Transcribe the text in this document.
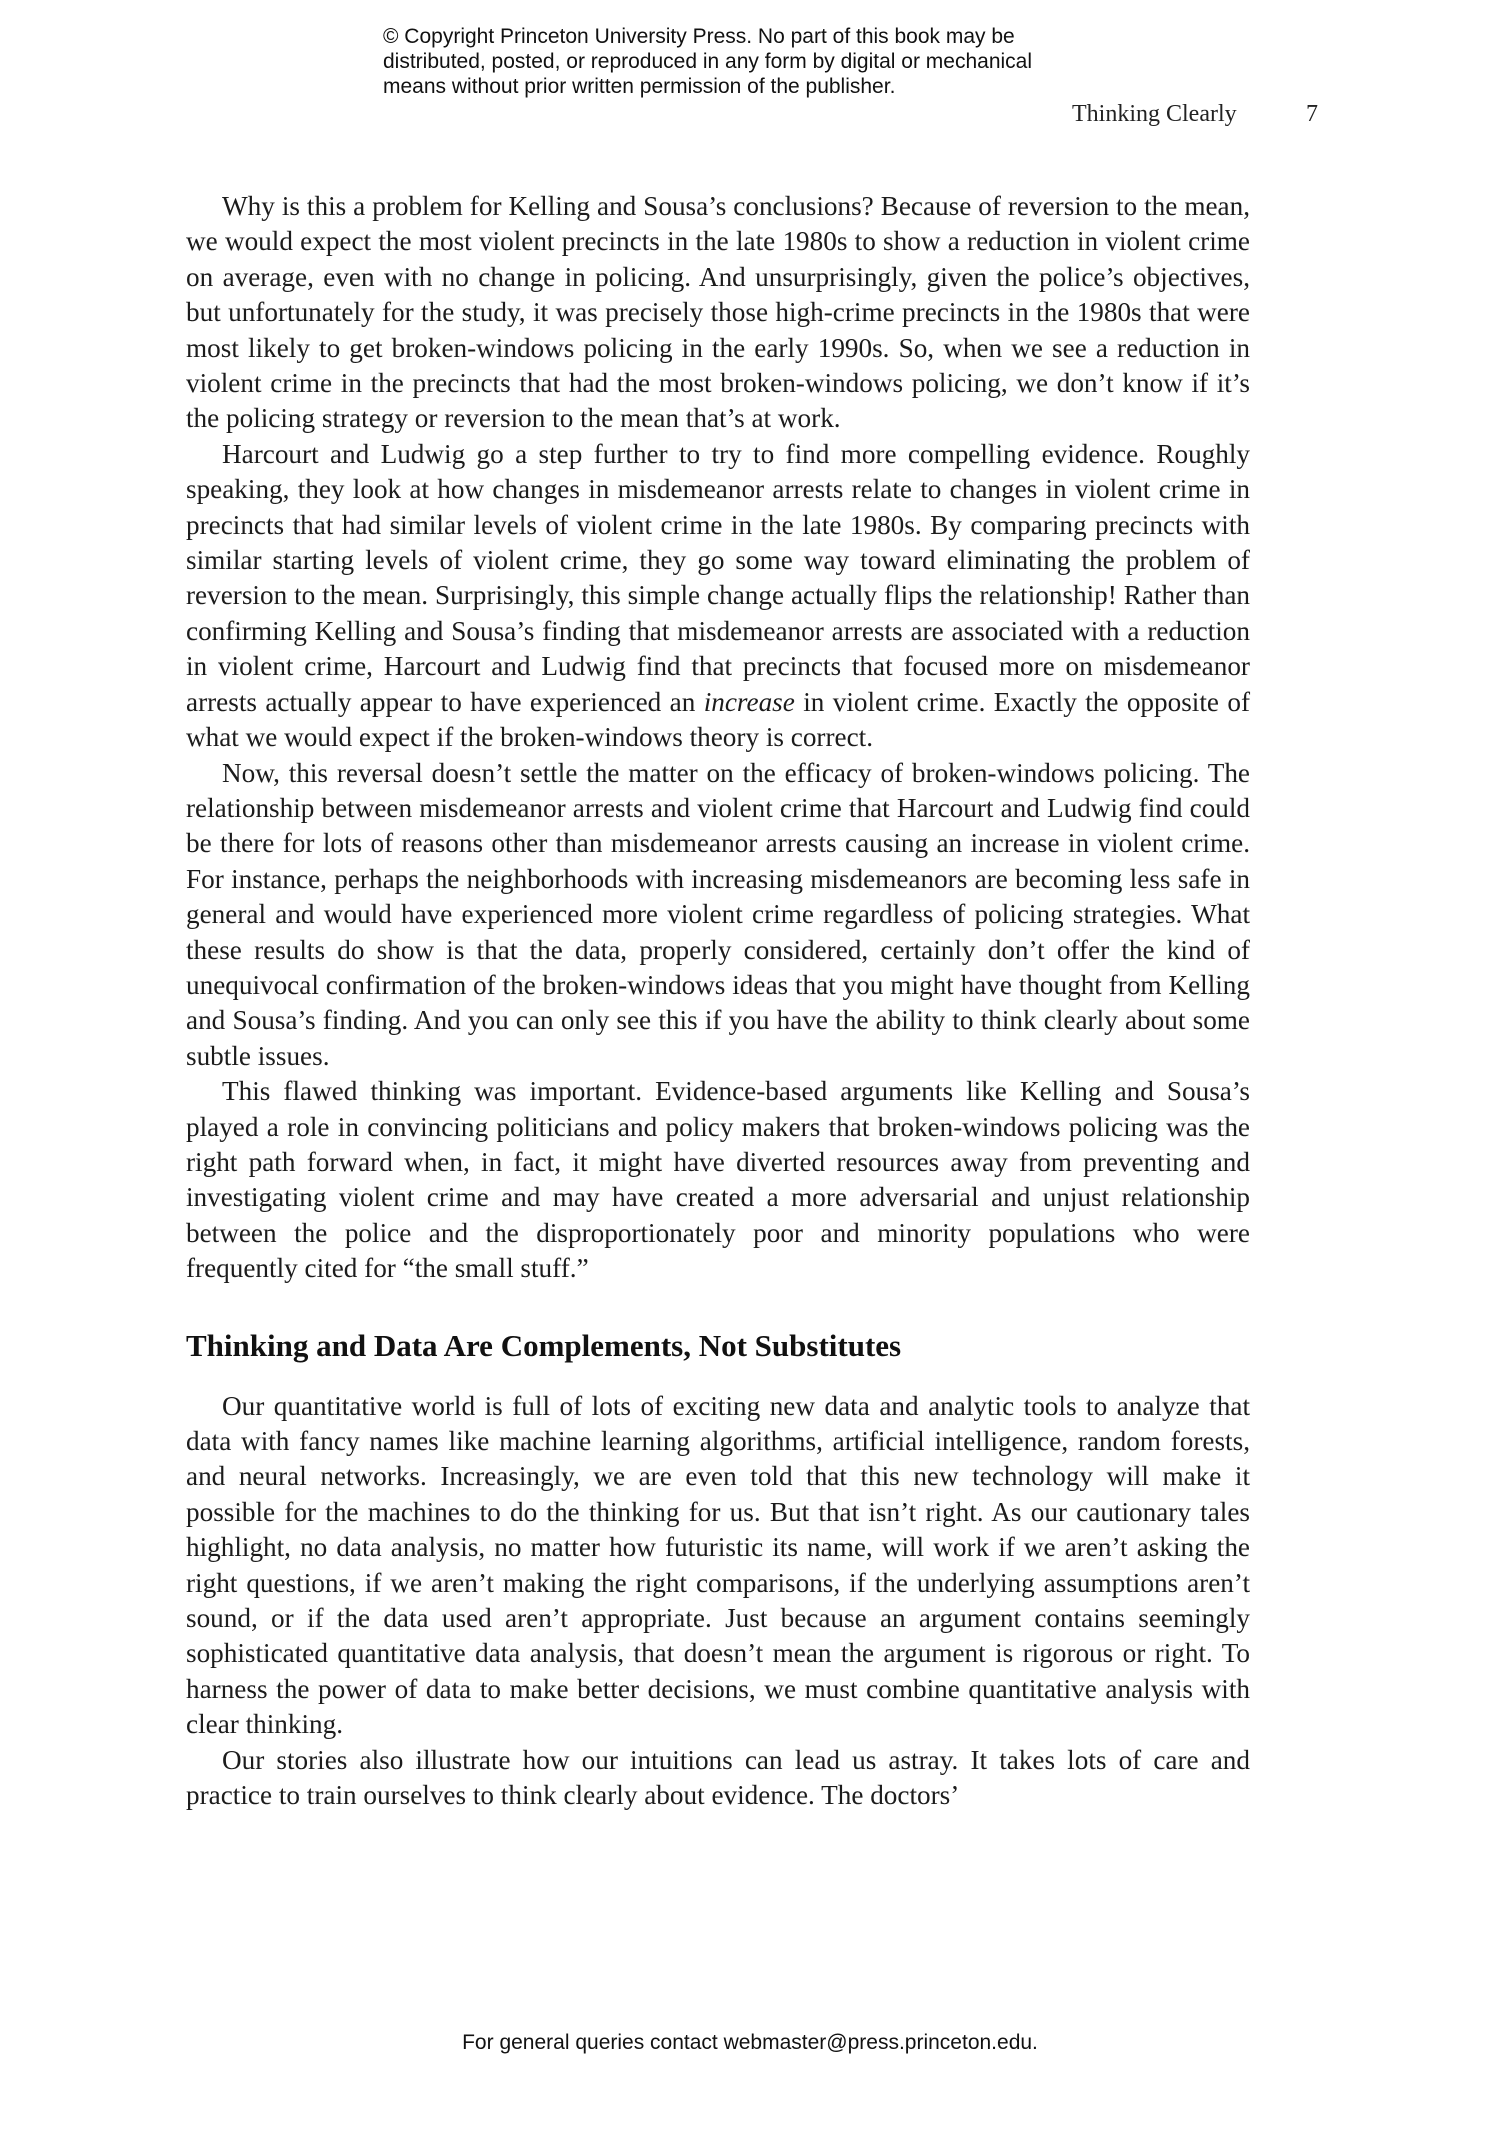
© Copyright Princeton University Press. No part of this book may be
distributed, posted, or reproduced in any form by digital or mechanical
means without prior written permission of the publisher.
Thinking Clearly	7

Why is this a problem for Kelling and Sousa’s conclusions? Because of reversion to the mean, we would expect the most violent precincts in the late 1980s to show a reduction in violent crime on average, even with no change in policing. And unsurprisingly, given the police’s objectives, but unfortunately for the study, it was precisely those high-crime precincts in the 1980s that were most likely to get broken-windows policing in the early 1990s. So, when we see a reduction in violent crime in the precincts that had the most broken-windows policing, we don’t know if it’s the policing strategy or reversion to the mean that’s at work.

Harcourt and Ludwig go a step further to try to find more compelling evidence. Roughly speaking, they look at how changes in misdemeanor arrests relate to changes in violent crime in precincts that had similar levels of violent crime in the late 1980s. By comparing precincts with similar starting levels of violent crime, they go some way toward eliminating the problem of reversion to the mean. Surprisingly, this simple change actually flips the relationship! Rather than confirming Kelling and Sousa’s finding that misdemeanor arrests are associated with a reduction in violent crime, Harcourt and Ludwig find that precincts that focused more on misdemeanor arrests actually appear to have experienced an increase in violent crime. Exactly the opposite of what we would expect if the broken-windows theory is correct.

Now, this reversal doesn’t settle the matter on the efficacy of broken-windows policing. The relationship between misdemeanor arrests and violent crime that Harcourt and Ludwig find could be there for lots of reasons other than misdemeanor arrests causing an increase in violent crime. For instance, perhaps the neighborhoods with increasing misdemeanors are becoming less safe in general and would have experienced more violent crime regardless of policing strategies. What these results do show is that the data, properly considered, certainly don’t offer the kind of unequivocal confirmation of the broken-windows ideas that you might have thought from Kelling and Sousa’s finding. And you can only see this if you have the ability to think clearly about some subtle issues.

This flawed thinking was important. Evidence-based arguments like Kelling and Sousa’s played a role in convincing politicians and policy makers that broken-windows policing was the right path forward when, in fact, it might have diverted resources away from preventing and investigating violent crime and may have created a more adversarial and unjust relationship between the police and the disproportionately poor and minority populations who were frequently cited for “the small stuff.”

Thinking and Data Are Complements, Not Substitutes

Our quantitative world is full of lots of exciting new data and analytic tools to analyze that data with fancy names like machine learning algorithms, artificial intelligence, random forests, and neural networks. Increasingly, we are even told that this new technology will make it possible for the machines to do the thinking for us. But that isn’t right. As our cautionary tales highlight, no data analysis, no matter how futuristic its name, will work if we aren’t asking the right questions, if we aren’t making the right comparisons, if the underlying assumptions aren’t sound, or if the data used aren’t appropriate. Just because an argument contains seemingly sophisticated quantitative data analysis, that doesn’t mean the argument is rigorous or right. To harness the power of data to make better decisions, we must combine quantitative analysis with clear thinking.

Our stories also illustrate how our intuitions can lead us astray. It takes lots of care and practice to train ourselves to think clearly about evidence. The doctors’

For general queries contact webmaster@press.princeton.edu.
